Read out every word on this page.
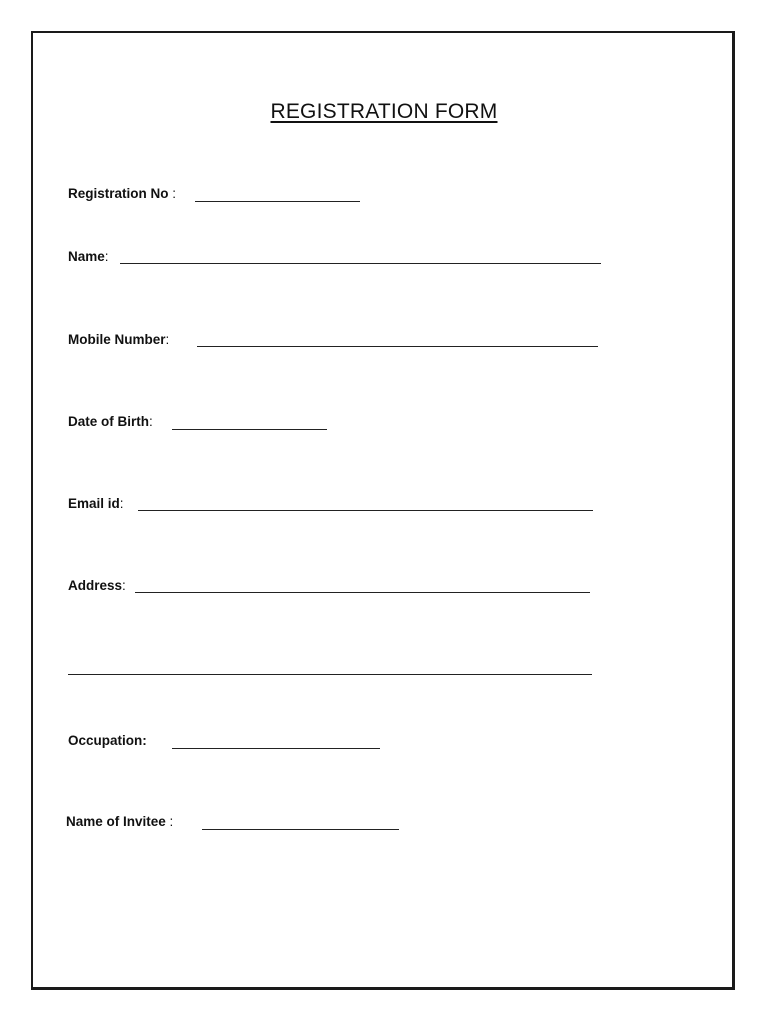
REGISTRATION FORM
Registration No :
Name:
Mobile Number:
Date of Birth:
Email id:
Address:
Occupation:
Name of Invitee :
